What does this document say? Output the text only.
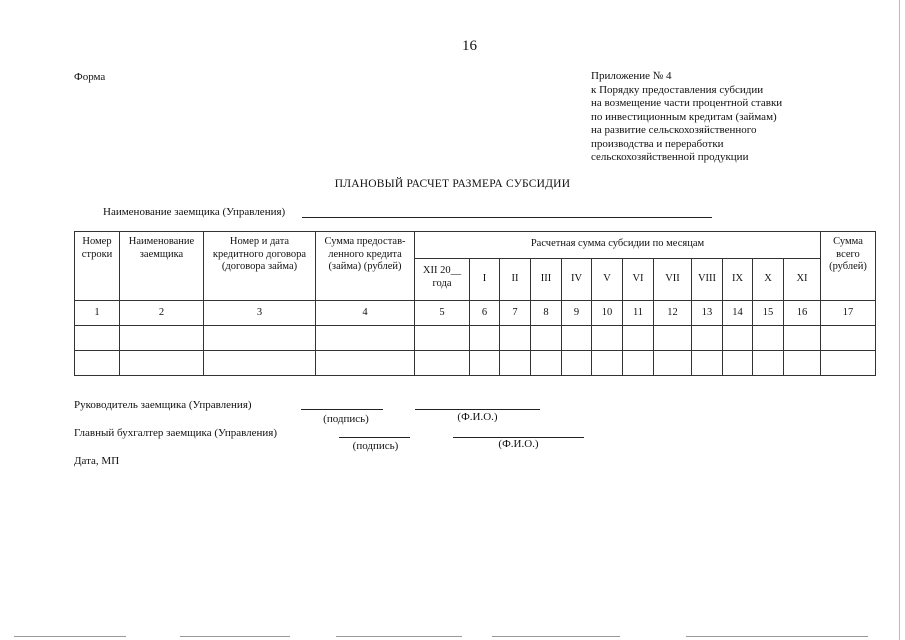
16
Форма	Приложение № 4
к Порядку предоставления субсидии
на возмещение части процентной ставки
по инвестиционным кредитам (займам)
на развитие сельскохозяйственного
производства и переработки
сельскохозяйственной продукции
ПЛАНОВЫЙ РАСЧЕТ РАЗМЕРА СУБСИДИИ
Наименование заемщика (Управления)
Номер строки	Наименование заемщика	Номер и дата кредитного договора (договора займа)	Сумма предостав-ленного кредита (займа) (рублей)	Расчетная сумма субсидии по месяцам												Сумма всего (рублей)
				XII 20__ года	I	II	III	IV	V	VI	VII	VIII	IX	X	XI	
1	2	3	4	5	6	7	8	9	10	11	12	13	14	15	16	17

Руководитель заемщика (Управления)
(подпись)	(Ф.И.О.)
Главный бухгалтер заемщика (Управления)
(подпись)	(Ф.И.О.)
Дата, МП
